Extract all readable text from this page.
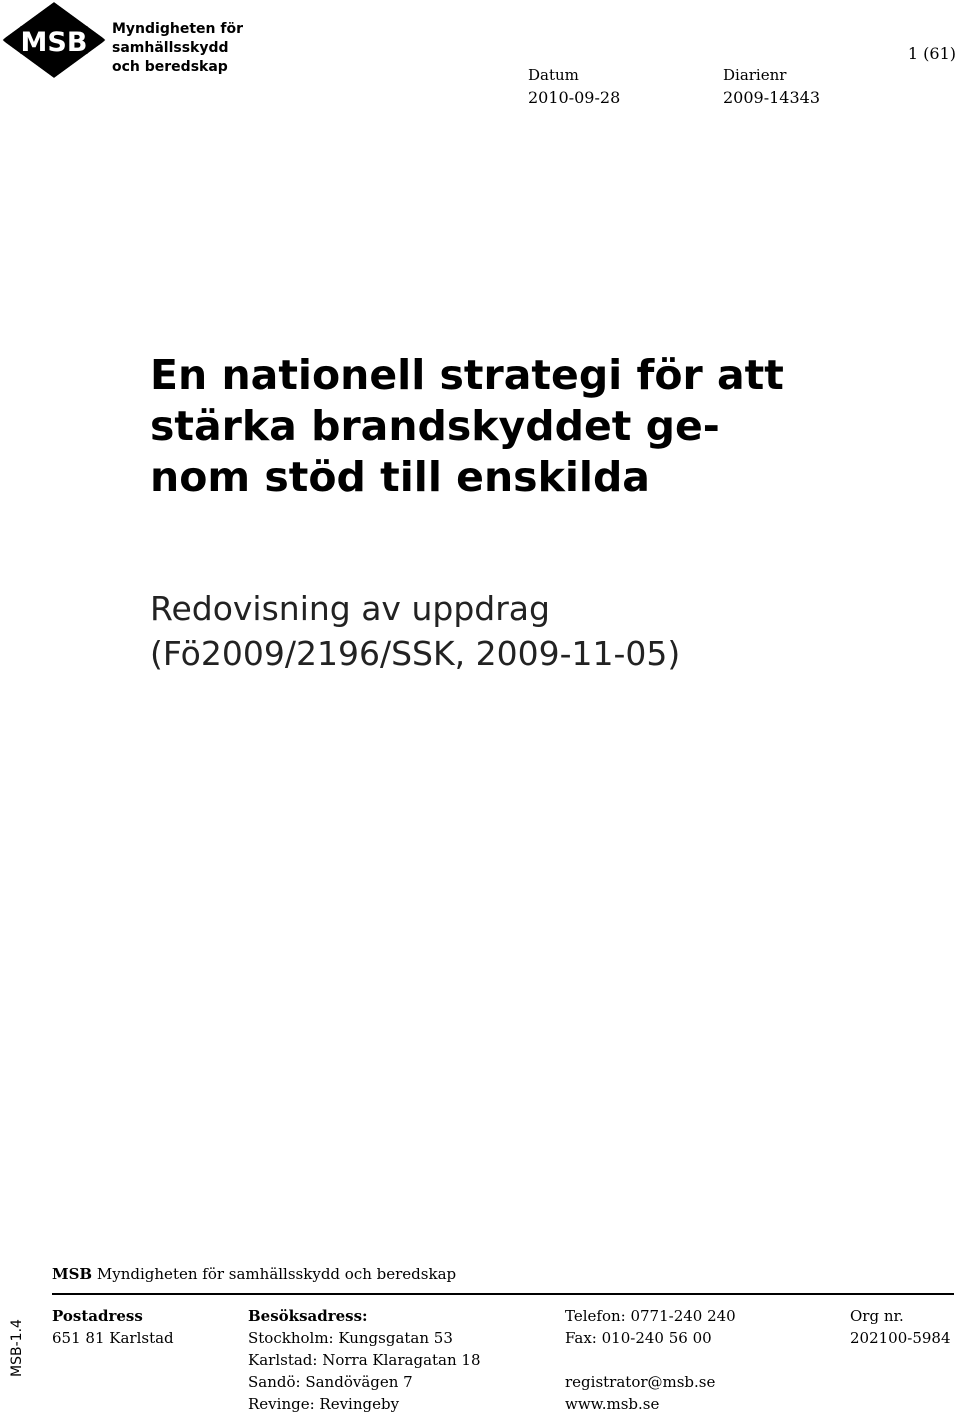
MSB Myndigheten för
samhällsskydd
och beredskap
1 (61)
Datum
2010-09-28
Diarienr
2009-14343
En nationell strategi för att
stärka brandskyddet ge-
nom stöd till enskilda
Redovisning av uppdrag
(Fö2009/2196/SSK, 2009-11-05)
MSB Myndigheten för samhällsskydd och beredskap
MSB-1.4
Postadress
651 81 Karlstad
Besöksadress:
Stockholm: Kungsgatan 53
Karlstad: Norra Klaragatan 18
Sandö: Sandövägen 7
Revinge: Revingeby
Telefon: 0771-240 240
Fax: 010-240 56 00
registrator@msb.se
www.msb.se
Org nr.
202100-5984
